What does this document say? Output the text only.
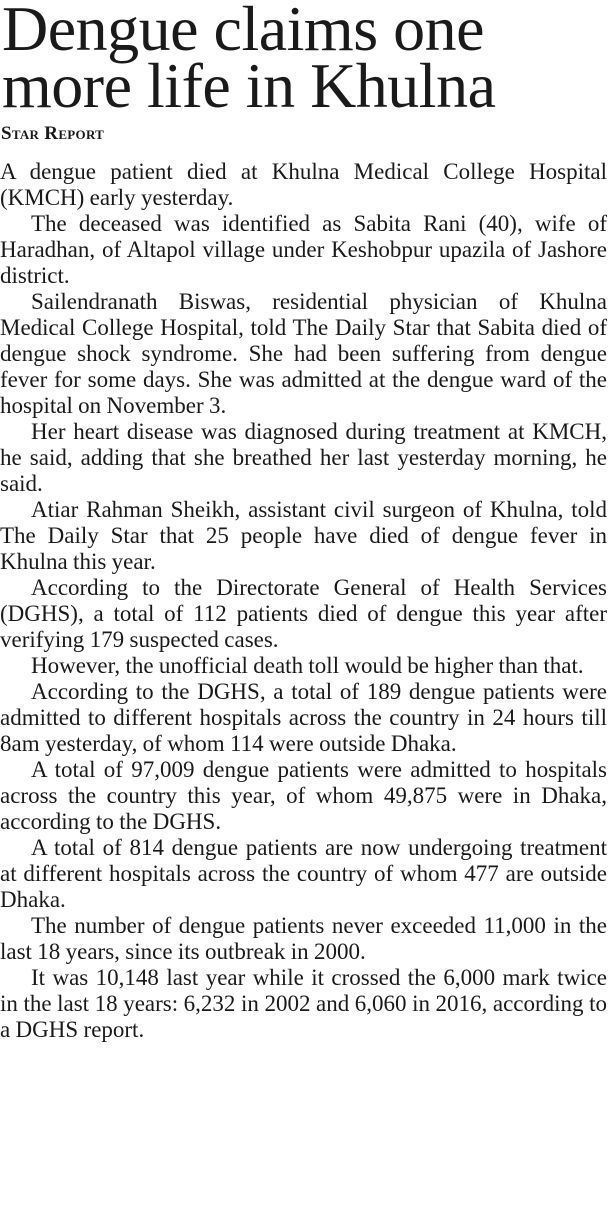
Dengue claims one
more life in Khulna
Star Report

A dengue patient died at Khulna Medical College Hospital (KMCH) early yesterday.

The deceased was identified as Sabita Rani (40), wife of Haradhan, of Altapol village under Keshobpur upazila of Jashore district.

Sailendranath Biswas, residential physician of Khulna Medical College Hospital, told The Daily Star that Sabita died of dengue shock syndrome. She had been suffering from dengue fever for some days. She was admitted at the dengue ward of the hospital on November 3.

Her heart disease was diagnosed during treatment at KMCH, he said, adding that she breathed her last yesterday morning, he said.

Atiar Rahman Sheikh, assistant civil surgeon of Khulna, told The Daily Star that 25 people have died of dengue fever in Khulna this year.

According to the Directorate General of Health Services (DGHS), a total of 112 patients died of dengue this year after verifying 179 suspected cases.

However, the unofficial death toll would be higher than that.

According to the DGHS, a total of 189 dengue patients were admitted to different hospitals across the country in 24 hours till 8am yesterday, of whom 114 were outside Dhaka.

A total of 97,009 dengue patients were admitted to hospitals across the country this year, of whom 49,875 were in Dhaka, according to the DGHS.

A total of 814 dengue patients are now undergoing treatment at different hospitals across the country of whom 477 are outside Dhaka.

The number of dengue patients never exceeded 11,000 in the last 18 years, since its outbreak in 2000.

It was 10,148 last year while it crossed the 6,000 mark twice in the last 18 years: 6,232 in 2002 and 6,060 in 2016, according to a DGHS report.
